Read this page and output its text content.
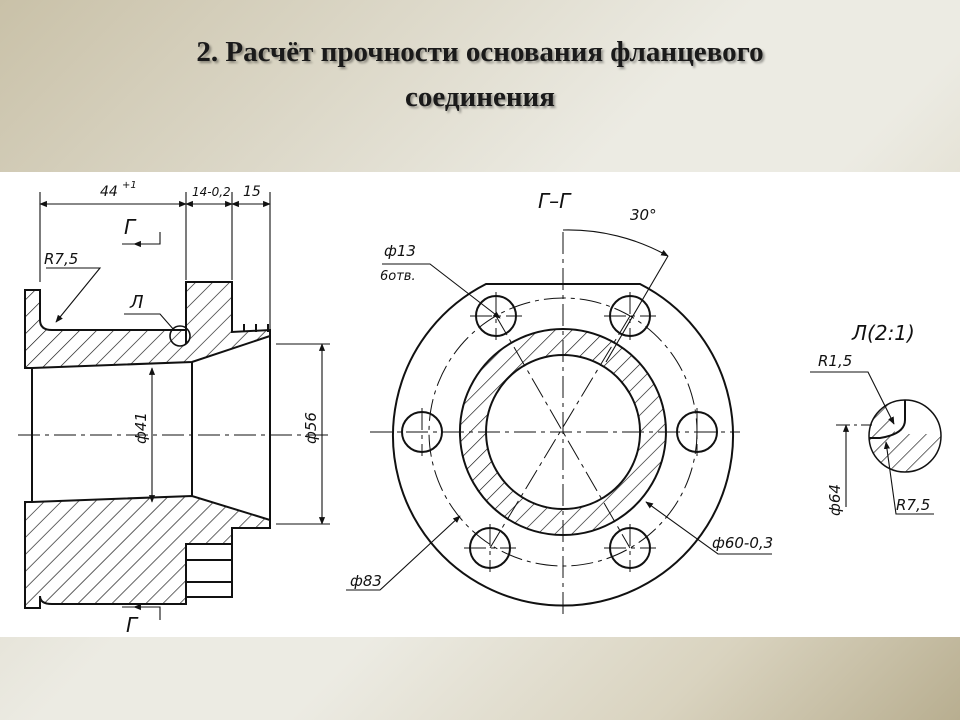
2. Расчёт прочности основания фланцевого
соединения
44 +1	14-0,2 15
R7,5
Л
Г
Г
ф41	ф56
Г–Г
30°
ф13
6отв.
ф83
ф60-0,3
Л(2:1)
R1,5
R7,5
ф64
